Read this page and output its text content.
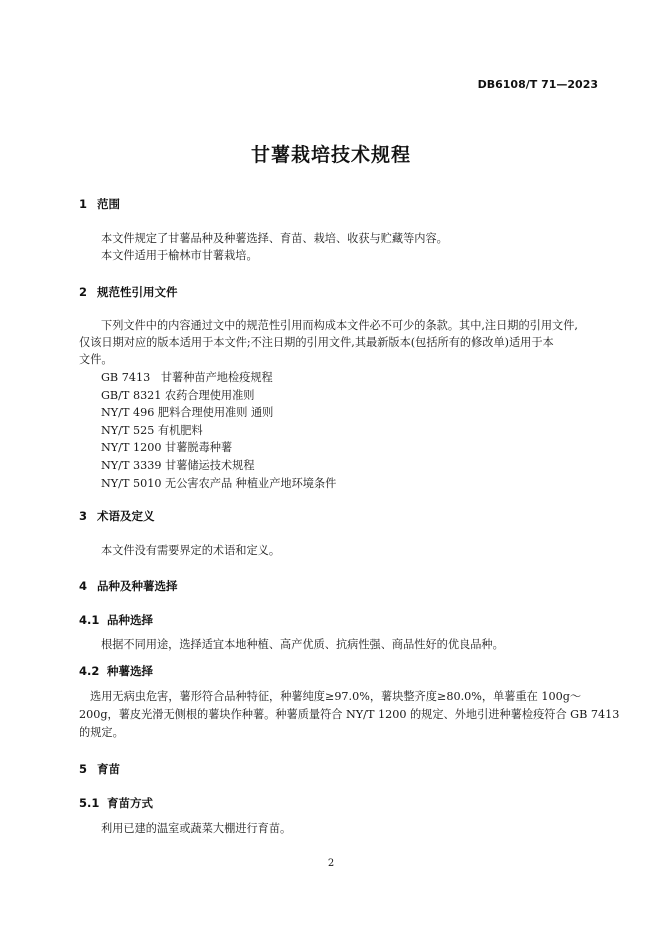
DB6108/T 71—2023
甘薯栽培技术规程
1 范围
本文件规定了甘薯品种及种薯选择、育苗、栽培、收获与贮藏等内容。
本文件适用于榆林市甘薯栽培。
2 规范性引用文件
下列文件中的内容通过文中的规范性引用而构成本文件必不可少的条款。其中,注日期的引用文件,
仅该日期对应的版本适用于本文件;不注日期的引用文件,其最新版本(包括所有的修改单)适用于本
文件。
GB 7413 甘薯种苗产地检疫规程
GB/T 8321 农药合理使用准则
NY/T 496 肥料合理使用准则 通则
NY/T 525 有机肥料
NY/T 1200 甘薯脱毒种薯
NY/T 3339 甘薯储运技术规程
NY/T 5010 无公害农产品 种植业产地环境条件
3 术语及定义
本文件没有需要界定的术语和定义。
4 品种及种薯选择
4.1 品种选择
根据不同用途，选择适宜本地种植、高产优质、抗病性强、商品性好的优良品种。
4.2 种薯选择
选用无病虫危害，薯形符合品种特征，种薯纯度≥97.0%，薯块整齐度≥80.0%，单薯重在 100g～
200g，薯皮光滑无侧根的薯块作种薯。种薯质量符合 NY/T 1200 的规定、外地引进种薯检疫符合 GB 7413
的规定。
5 育苗
5.1 育苗方式
利用已建的温室或蔬菜大棚进行育苗。
2
